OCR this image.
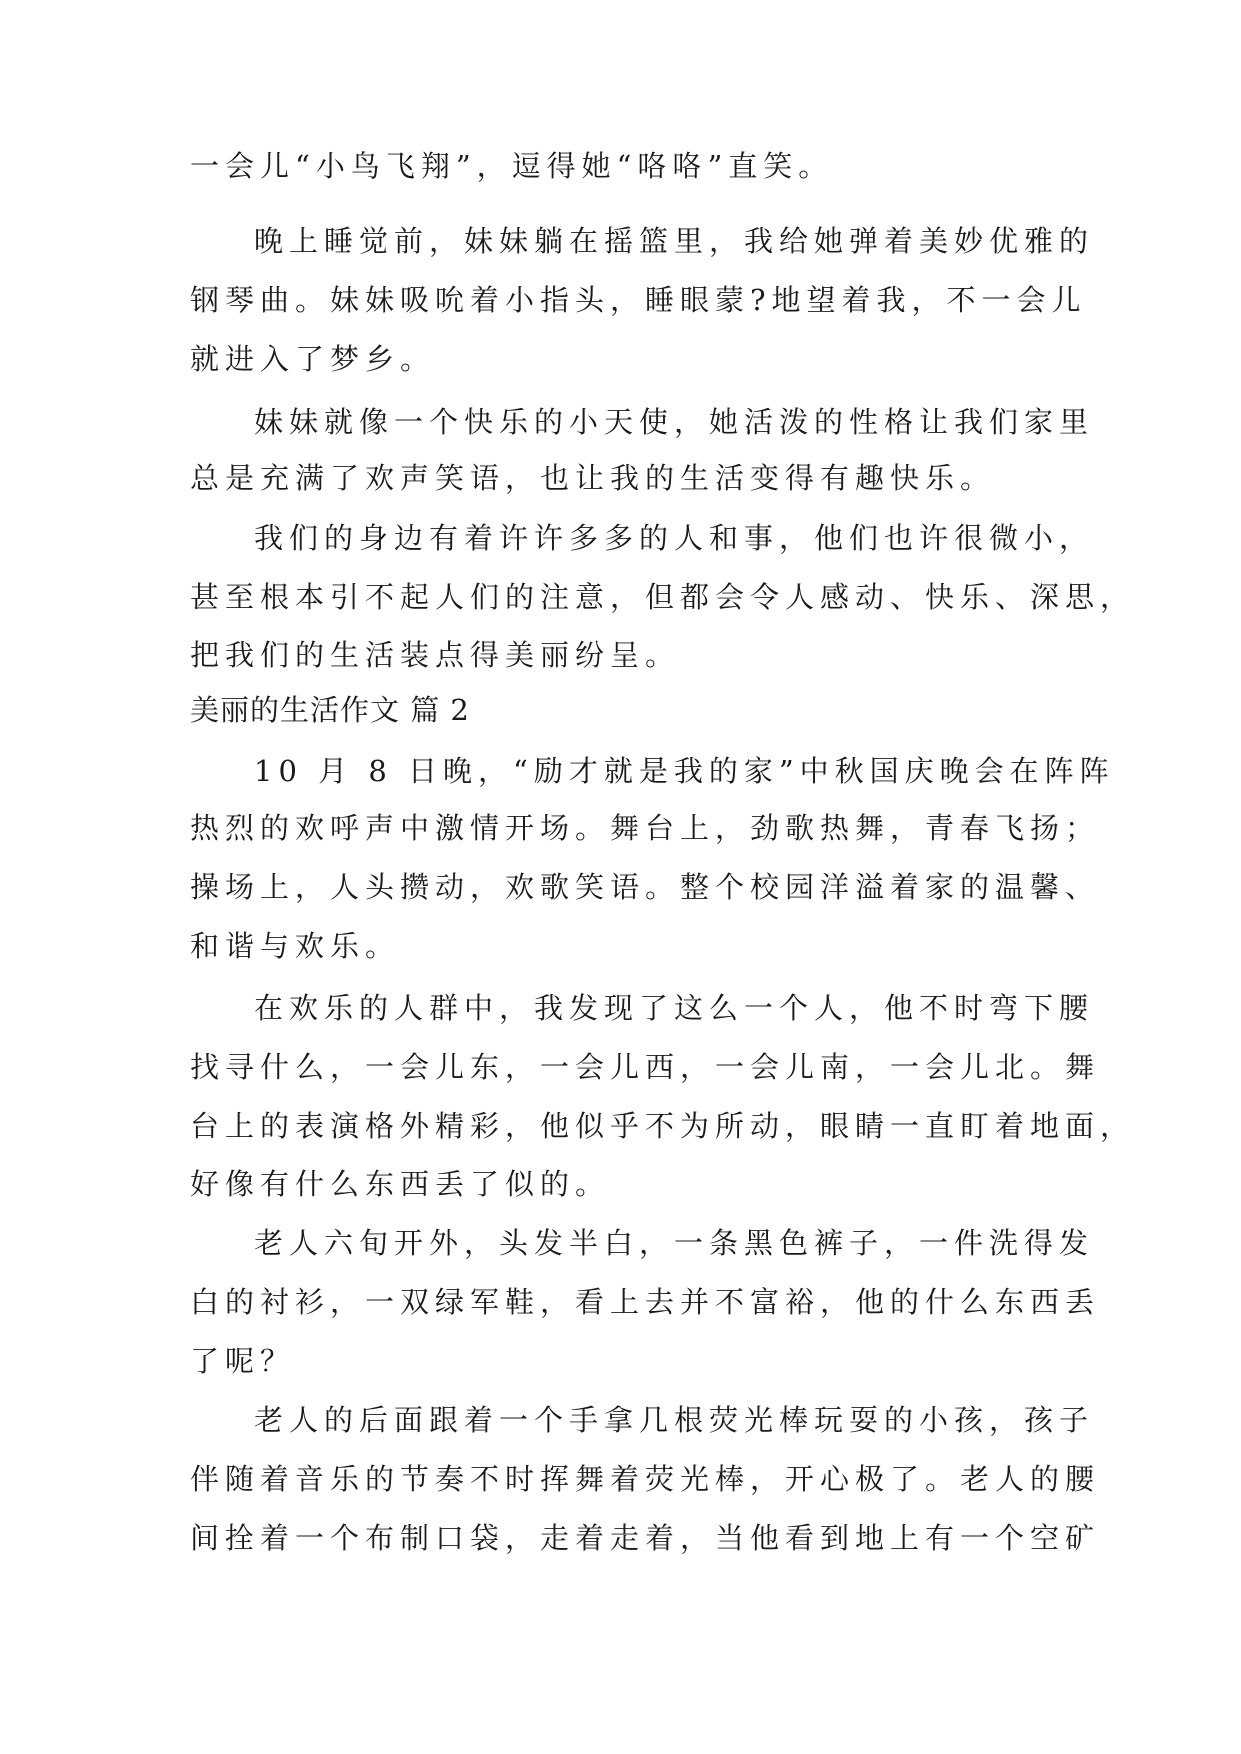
一会儿“小鸟飞翔”，逗得她“咯咯”直笑。
晚上睡觉前，妹妹躺在摇篮里，我给她弹着美妙优雅的
钢琴曲。妹妹吸吮着小指头，睡眼蒙?地望着我，不一会儿
就进入了梦乡。
妹妹就像一个快乐的小天使，她活泼的性格让我们家里
总是充满了欢声笑语，也让我的生活变得有趣快乐。
我们的身边有着许许多多的人和事，他们也许很微小，
甚至根本引不起人们的注意，但都会令人感动、快乐、深思，
把我们的生活装点得美丽纷呈。
美丽的生活作文 篇 2
10 月 8 日晚，“励才就是我的家”中秋国庆晚会在阵阵
热烈的欢呼声中激情开场。舞台上，劲歌热舞，青春飞扬；
操场上，人头攒动，欢歌笑语。整个校园洋溢着家的温馨、
和谐与欢乐。
在欢乐的人群中，我发现了这么一个人，他不时弯下腰
找寻什么，一会儿东，一会儿西，一会儿南，一会儿北。舞
台上的表演格外精彩，他似乎不为所动，眼睛一直盯着地面，
好像有什么东西丢了似的。
老人六旬开外，头发半白，一条黑色裤子，一件洗得发
白的衬衫，一双绿军鞋，看上去并不富裕，他的什么东西丢
了呢？
老人的后面跟着一个手拿几根荧光棒玩耍的小孩，孩子
伴随着音乐的节奏不时挥舞着荧光棒，开心极了。老人的腰
间拴着一个布制口袋，走着走着，当他看到地上有一个空矿
